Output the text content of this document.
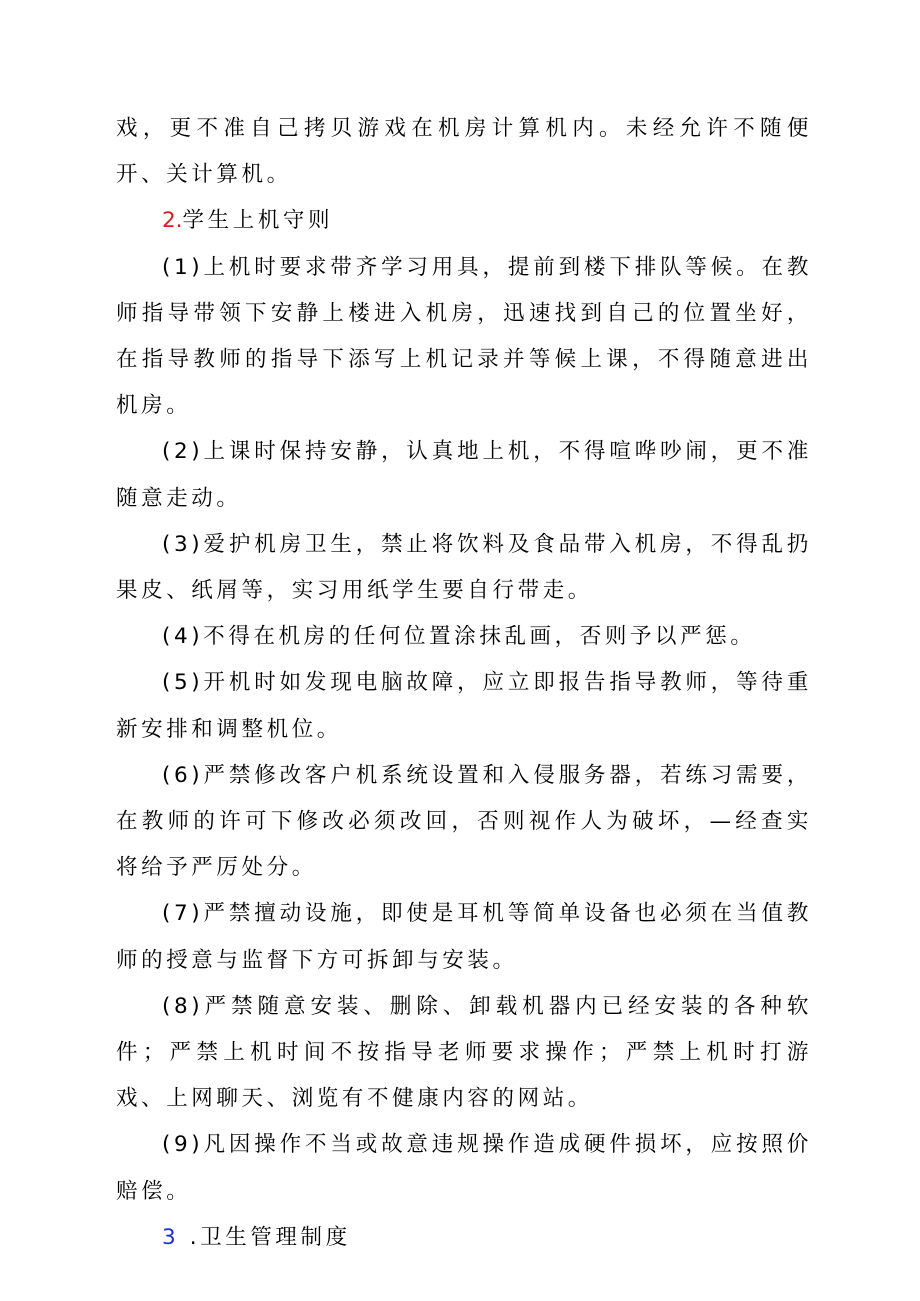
戏，更不准自己拷贝游戏在机房计算机内。未经允许不随便开、关计算机。

2.学生上机守则

(1)上机时要求带齐学习用具，提前到楼下排队等候。在教师指导带领下安静上楼进入机房，迅速找到自己的位置坐好，在指导教师的指导下添写上机记录并等候上课，不得随意进出机房。

(2)上课时保持安静，认真地上机，不得喧哗吵闹，更不准随意走动。

(3)爱护机房卫生，禁止将饮料及食品带入机房，不得乱扔果皮、纸屑等，实习用纸学生要自行带走。

(4)不得在机房的任何位置涂抹乱画，否则予以严惩。

(5)开机时如发现电脑故障，应立即报告指导教师，等待重新安排和调整机位。

(6)严禁修改客户机系统设置和入侵服务器，若练习需要，在教师的许可下修改必须改回，否则视作人为破坏，—经查实将给予严厉处分。

(7)严禁擅动设施，即使是耳机等简单设备也必须在当值教师的授意与监督下方可拆卸与安装。

(8)严禁随意安装、删除、卸载机器内已经安装的各种软件；严禁上机时间不按指导老师要求操作；严禁上机时打游戏、上网聊天、浏览有不健康内容的网站。

(9)凡因操作不当或故意违规操作造成硬件损坏，应按照价赔偿。

3 .卫生管理制度
